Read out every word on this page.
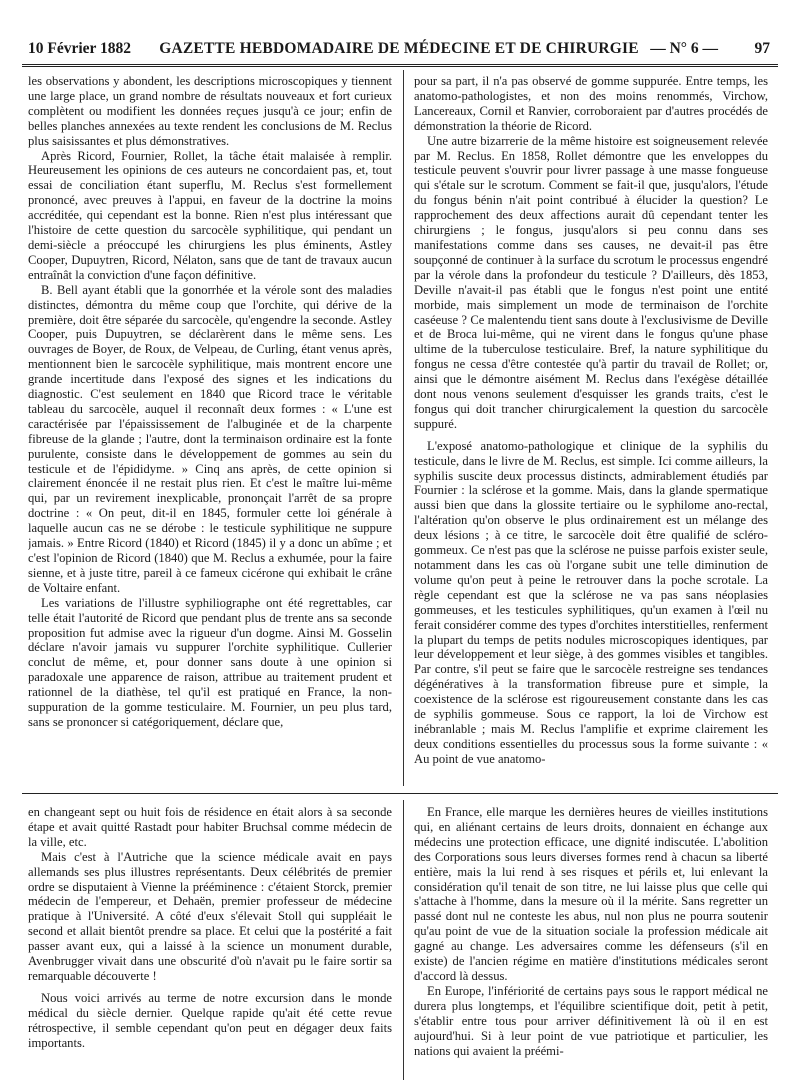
GAZETTE HEBDOMADAIRE DE MÉDECINE ET DE CHIRURGIE
10 Février 1882	— N° 6 — 97

les observations y abondent, les descriptions microscopiques y tiennent une large place, un grand nombre de résultats nouveaux et fort curieux complètent ou modifient les données reçues jusqu'à ce jour; enfin de belles planches annexées au texte rendent les conclusions de M. Reclus plus saisissantes et plus démonstratives.

Après Ricord, Fournier, Rollet, la tâche était malaisée à remplir. Heureusement les opinions de ces auteurs ne concordaient pas, et, tout essai de conciliation étant superflu, M. Reclus s'est formellement prononcé, avec preuves à l'appui, en faveur de la doctrine la moins accréditée, qui cependant est la bonne. Rien n'est plus intéressant que l'histoire de cette question du sarcocèle syphilitique, qui pendant un demi-siècle a préoccupé les chirurgiens les plus éminents, Astley Cooper, Dupuytren, Ricord, Nélaton, sans que de tant de travaux aucun entraînât la conviction d'une façon définitive.

B. Bell ayant établi que la gonorrhée et la vérole sont des maladies distinctes, démontra du même coup que l'orchite, qui dérive de la première, doit être séparée du sarcocèle, qu'engendre la seconde. Astley Cooper, puis Dupuytren, se déclarèrent dans le même sens. Les ouvrages de Boyer, de Roux, de Velpeau, de Curling, étant venus après, mentionnent bien le sarcocèle syphilitique, mais montrent encore une grande incertitude dans l'exposé des signes et les indications du diagnostic. C'est seulement en 1840 que Ricord trace le véritable tableau du sarcocèle, auquel il reconnaît deux formes : « L'une est caractérisée par l'épaississement de l'albuginée et de la charpente fibreuse de la glande ; l'autre, dont la terminaison ordinaire est la fonte purulente, consiste dans le développement de gommes au sein du testicule et de l'épididyme. » Cinq ans après, de cette opinion si clairement énoncée il ne restait plus rien. Et c'est le maître lui-même qui, par un revirement inexplicable, prononçait l'arrêt de sa propre doctrine : « On peut, dit-il en 1845, formuler cette loi générale à laquelle aucun cas ne se dérobe : le testicule syphilitique ne suppure jamais. » Entre Ricord (1840) et Ricord (1845) il y a donc un abîme ; et c'est l'opinion de Ricord (1840) que M. Reclus a exhumée, pour la faire sienne, et à juste titre, pareil à ce fameux cicérone qui exhibait le crâne de Voltaire enfant.

Les variations de l'illustre syphiliographe ont été regrettables, car telle était l'autorité de Ricord que pendant plus de trente ans sa seconde proposition fut admise avec la rigueur d'un dogme. Ainsi M. Gosselin déclare n'avoir jamais vu suppurer l'orchite syphilitique. Cullerier conclut de même, et, pour donner sans doute à une opinion si paradoxale une apparence de raison, attribue au traitement prudent et rationnel de la diathèse, tel qu'il est pratiqué en France, la non-suppuration de la gomme testiculaire. M. Fournier, un peu plus tard, sans se prononcer si catégoriquement, déclare que,

pour sa part, il n'a pas observé de gomme suppurée. Entre temps, les anatomo-pathologistes, et non des moins renommés, Virchow, Lancereaux, Cornil et Ranvier, corroboraient par d'autres procédés de démonstration la théorie de Ricord.

Une autre bizarrerie de la même histoire est soigneusement relevée par M. Reclus. En 1858, Rollet démontre que les enveloppes du testicule peuvent s'ouvrir pour livrer passage à une masse fongueuse qui s'étale sur le scrotum. Comment se fait-il que, jusqu'alors, l'étude du fongus bénin n'ait point contribué à élucider la question? Le rapprochement des deux affections aurait dû cependant tenter les chirurgiens ; le fongus, jusqu'alors si peu connu dans ses manifestations comme dans ses causes, ne devait-il pas être soupçonné de continuer à la surface du scrotum le processus engendré par la vérole dans la profondeur du testicule ? D'ailleurs, dès 1853, Deville n'avait-il pas établi que le fongus n'est point une entité morbide, mais simplement un mode de terminaison de l'orchite caséeuse ? Ce malentendu tient sans doute à l'exclusivisme de Deville et de Broca lui-même, qui ne virent dans le fongus qu'une phase ultime de la tuberculose testiculaire. Bref, la nature syphilitique du fongus ne cessa d'être contestée qu'à partir du travail de Rollet; or, ainsi que le démontre aisément M. Reclus dans l'exégèse détaillée dont nous venons seulement d'esquisser les grands traits, c'est le fongus qui doit trancher chirurgicalement la question du sarcocèle suppuré.

L'exposé anatomo-pathologique et clinique de la syphilis du testicule, dans le livre de M. Reclus, est simple. Ici comme ailleurs, la syphilis suscite deux processus distincts, admirablement étudiés par Fournier : la sclérose et la gomme. Mais, dans la glande spermatique aussi bien que dans la glossite tertiaire ou le syphilome ano-rectal, l'altération qu'on observe le plus ordinairement est un mélange des deux lésions ; à ce titre, le sarcocèle doit être qualifié de scléro-gommeux. Ce n'est pas que la sclérose ne puisse parfois exister seule, notamment dans les cas où l'organe subit une telle diminution de volume qu'on peut à peine le retrouver dans la poche scrotale. La règle cependant est que la sclérose ne va pas sans néoplasies gommeuses, et les testicules syphilitiques, qu'un examen à l'œil nu ferait considérer comme des types d'orchites interstitielles, renferment la plupart du temps de petits nodules microscopiques identiques, par leur développement et leur siège, à des gommes visibles et tangibles. Par contre, s'il peut se faire que le sarcocèle restreigne ses tendances dégénératives à la transformation fibreuse pure et simple, la coexistence de la sclérose est rigoureusement constante dans les cas de syphilis gommeuse. Sous ce rapport, la loi de Virchow est inébranlable ; mais M. Reclus l'amplifie et exprime clairement les deux conditions essentielles du processus sous la forme suivante : « Au point de vue anatomo-

en changeant sept ou huit fois de résidence en était alors à sa seconde étape et avait quitté Rastadt pour habiter Bruchsal comme médecin de la ville, etc.

Mais c'est à l'Autriche que la science médicale avait en pays allemands ses plus illustres représentants. Deux célébrités de premier ordre se disputaient à Vienne la prééminence : c'étaient Storck, premier médecin de l'empereur, et Dehaën, premier professeur de médecine pratique à l'Université. A côté d'eux s'élevait Stoll qui suppléait le second et allait bientôt prendre sa place. Et celui que la postérité a fait passer avant eux, qui a laissé à la science un monument durable, Avenbrugger vivait dans une obscurité d'où n'avait pu le faire sortir sa remarquable découverte !

Nous voici arrivés au terme de notre excursion dans le monde médical du siècle dernier. Quelque rapide qu'ait été cette revue rétrospective, il semble cependant qu'on peut en dégager deux faits importants.

En France, elle marque les dernières heures de vieilles institutions qui, en aliénant certains de leurs droits, donnaient en échange aux médecins une protection efficace, une dignité indiscutée. L'abolition des Corporations sous leurs diverses formes rend à chacun sa liberté entière, mais la lui rend à ses risques et périls et, lui enlevant la considération qu'il tenait de son titre, ne lui laisse plus que celle qui s'attache à l'homme, dans la mesure où il la mérite. Sans regretter un passé dont nul ne conteste les abus, nul non plus ne pourra soutenir qu'au point de vue de la situation sociale la profession médicale ait gagné au change. Les adversaires comme les défenseurs (s'il en existe) de l'ancien régime en matière d'institutions médicales seront d'accord là dessus.

En Europe, l'infériorité de certains pays sous le rapport médical ne durera plus longtemps, et l'équilibre scientifique doit, petit à petit, s'établir entre tous pour arriver définitivement là où il en est aujourd'hui. Si à leur point de vue patriotique et particulier, les nations qui avaient la préémi-
